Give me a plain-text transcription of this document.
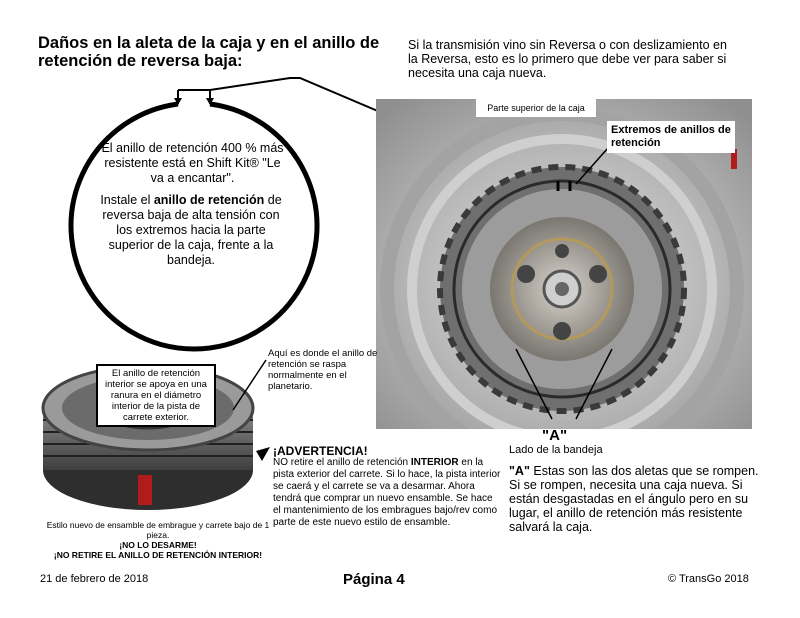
Daños en la aleta de la caja y en el anillo de retención de reversa baja:
Si la transmisión vino sin Reversa o con deslizamiento en la Reversa, esto es lo primero que debe ver para saber si necesita una caja nueva.
El anillo de retención 400 % más resistente está en Shift Kit® "Le va a encantar".
Instale el anillo de retención de reversa baja de alta tensión con los extremos hacia la parte superior de la caja, frente a la bandeja.
Parte superior de la caja
Extremos de anillos de retención
"A"
Lado de la bandeja
"A" Estas son las dos aletas que se rompen. Si se rompen, necesita una caja nueva. Si están desgastadas en el ángulo pero en su lugar, el anillo de retención más resistente salvará la caja.
El anillo de retención interior se apoya en una ranura en el diámetro interior de la pista de carrete exterior.
Aquí es donde el anillo de retención se raspa normalmente en el planetario.
Estilo nuevo de ensamble de embrague y carrete bajo de 1 pieza.
¡NO LO DESARME!
¡NO RETIRE EL ANILLO DE RETENCIÓN INTERIOR!
¡ADVERTENCIA!
NO retire el anillo de retención INTERIOR en la pista exterior del carrete. Si lo hace, la pista interior se caerá y el carrete se va a desarmar. Ahora tendrá que comprar un nuevo ensamble. Se hace el mantenimiento de los embragues bajo/rev como parte de este nuevo estilo de ensamble.
21 de febrero de 2018	Página 4	© TransGo 2018
